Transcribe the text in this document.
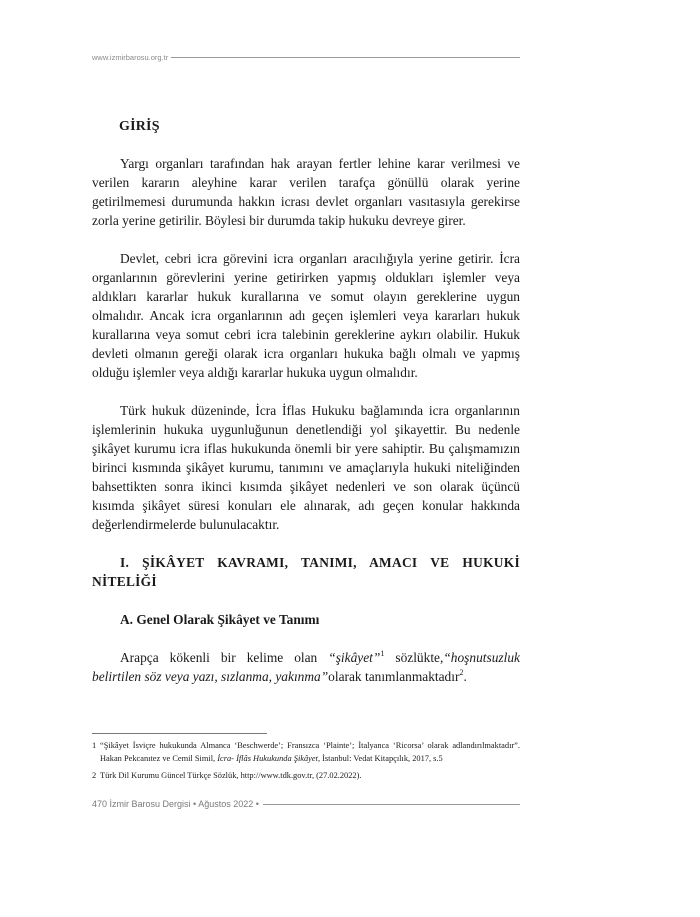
www.izmirbarosu.org.tr
GİRİŞ

Yargı organları tarafından hak arayan fertler lehine karar verilmesi ve verilen kararın aleyhine karar verilen tarafça gönüllü olarak yerine getirilmemesi durumunda hakkın icrası devlet organları vasıtasıyla gerekirse zorla yerine getirilir. Böylesi bir durumda takip hukuku devreye girer.

Devlet, cebri icra görevini icra organları aracılığıyla yerine getirir. İcra organlarının görevlerini yerine getirirken yapmış oldukları işlemler veya aldıkları kararlar hukuk kurallarına ve somut olayın gereklerine uygun olmalıdır. Ancak icra organlarının adı geçen işlemleri veya kararları hukuk kurallarına veya somut cebri icra talebinin gereklerine aykırı olabilir. Hukuk devleti olmanın gereği olarak icra organları hukuka bağlı olmalı ve yapmış olduğu işlemler veya aldığı kararlar hukuka uygun olmalıdır.

Türk hukuk düzeninde, İcra İflas Hukuku bağlamında icra organlarının işlemlerinin hukuka uygunluğunun denetlendiği yol şikayettir. Bu nedenle şikâyet kurumu icra iflas hukukunda önemli bir yere sahiptir. Bu çalışmamızın birinci kısmında şikâyet kurumu, tanımını ve amaçlarıyla hukuki niteliğinden bahsettikten sonra ikinci kısımda şikâyet nedenleri ve son olarak üçüncü kısımda şikâyet süresi konuları ele alınarak, adı geçen konular hakkında değerlendirmelerde bulunulacaktır.

I. ŞİKÂYET KAVRAMI, TANIMI, AMACI VE HUKUKİ NİTELİĞİ
A. Genel Olarak Şikâyet ve Tanımı

Arapça kökenli bir kelime olan “şikâyet”$^1$ sözlükte,“hoşnutsuzluk belirtilen söz veya yazı, sızlanma, yakınma”olarak tanımlanmaktadır$^2$.

1 “Şikâyet İsviçre hukukunda Almanca ‘Beschwerde’; Fransızca ‘Plainte’; İtalyanca ‘Ricorsa’ olarak adlandırılmaktadır”. Hakan Pekcanıtez ve Cemil Simil, İcra- İflâs Hukukunda Şikâyet, İstanbul: Vedat Kitapçılık, 2017, s.5
2 Türk Dil Kurumu Güncel Türkçe Sözlük, http://www.tdk.gov.tr, (27.02.2022).
470 İzmir Barosu Dergisi • Ağustos 2022 •
